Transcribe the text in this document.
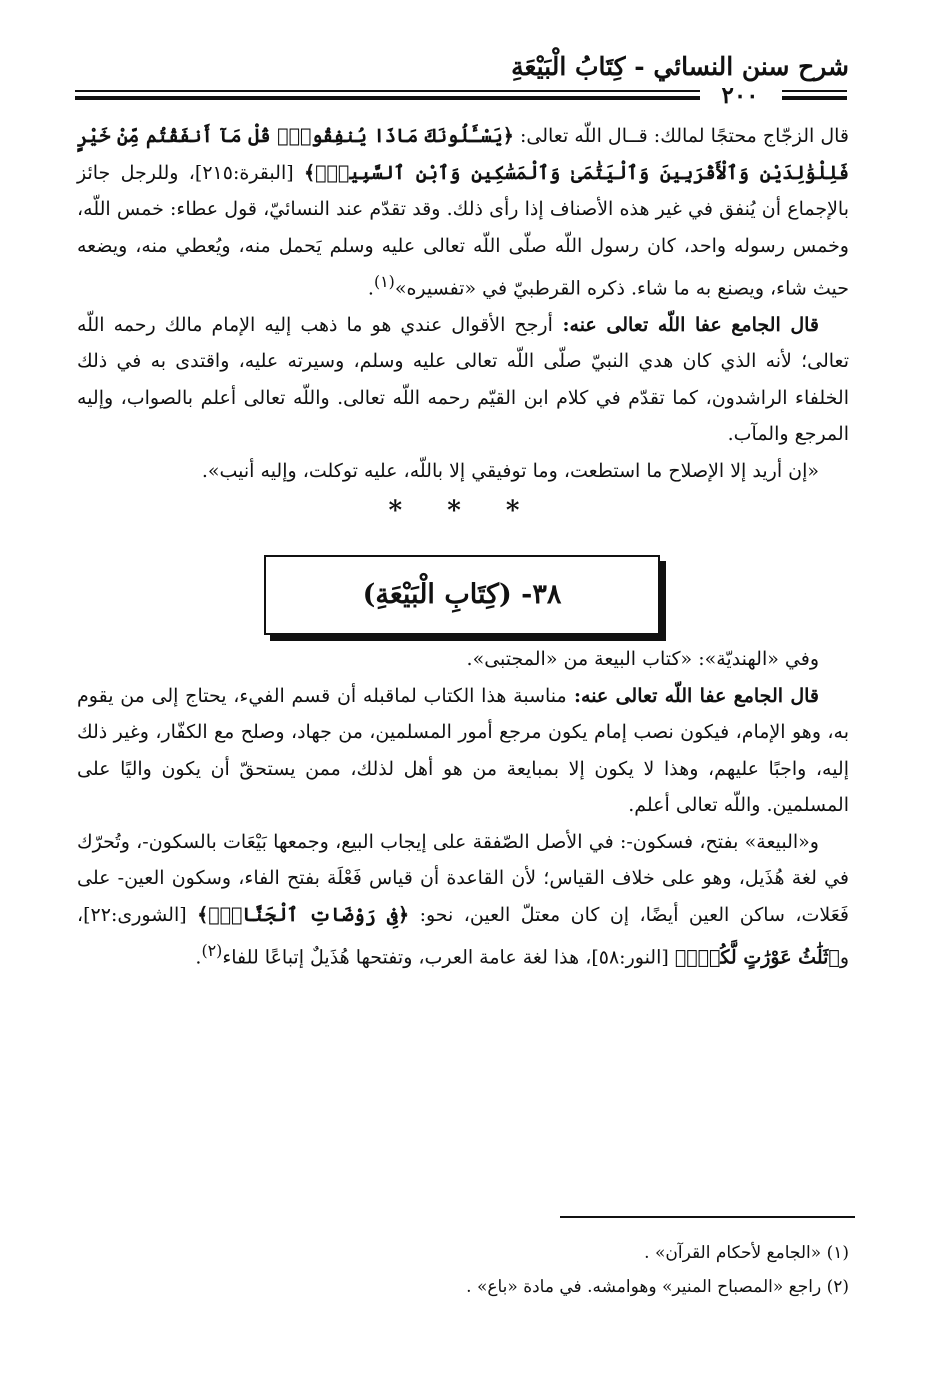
شرح سنن النسائي - كِتَابُ الْبَيْعَةِ
٢٠٠

قال الزجّاج محتجًا لمالك: قــال اللّه تعالى: ﴿يَسْـَٔلُونَكَ مَاذَا يُنفِقُونَۖ قُلْ مَآ أَنفَقْتُم مِّنْ خَيْرٍ فَلِلْوَٰلِدَيْنِ وَٱلْأَقْرَبِينَ وَٱلْيَتَٰمَىٰ وَٱلْمَسَٰكِينِ وَٱبْنِ ٱلسَّبِيلِۗ﴾ [البقرة:٢١٥]، وللرجل جائز بالإجماع أن يُنفق في غير هذه الأصناف إذا رأى ذلك. وقد تقدّم عند النسائيّ، قول عطاء: خمس اللّه، وخمس رسوله واحد، كان رسول اللّه صلّى اللّه تعالى عليه وسلم يَحمل منه، ويُعطي منه، ويضعه حيث شاء، ويصنع به ما شاء. ذكره القرطبيّ في «تفسيره»$^{(١)}$.

قال الجامع عفا اللّه تعالى عنه: أرجح الأقوال عندي هو ما ذهب إليه الإمام مالك رحمه اللّه تعالى؛ لأنه الذي كان هدي النبيّ صلّى اللّه تعالى عليه وسلم، وسيرته عليه، واقتدى به في ذلك الخلفاء الراشدون، كما تقدّم في كلام ابن القيّم رحمه اللّه تعالى. واللّه تعالى أعلم بالصواب، وإليه المرجع والمآب.

«إن أريد إلا الإصلاح ما استطعت، وما توفيقي إلا باللّه، عليه توكلت، وإليه أنيب».

* * *
٣٨- (كِتَابِ الْبَيْعَةِ)

وفي «الهنديّة»: «كتاب البيعة من «المجتبى».

قال الجامع عفا اللّه تعالى عنه: مناسبة هذا الكتاب لماقبله أن قسم الفيء، يحتاج إلى من يقوم به، وهو الإمام، فيكون نصب إمام يكون مرجع أمور المسلمين، من جهاد، وصلح مع الكفّار، وغير ذلك إليه، واجبًا عليهم، وهذا لا يكون إلا بمبايعة من هو أهل لذلك، ممن يستحقّ أن يكون واليًا على المسلمين. واللّه تعالى أعلم.

و«البيعة» بفتح، فسكون-: في الأصل الصّفقة على إيجاب البيع، وجمعها بَيْعَات بالسكون-، وتُحرّك في لغة هُذَيل، وهو على خلاف القياس؛ لأن القاعدة أن قياس فَعْلَة بفتح الفاء، وسكون العين- على فَعَلات، ساكن العين أيضًا، إن كان معتلّ العين، نحو: ﴿فِى رَوْضَاتِ ٱلْجَنَّاتِۖ﴾ [الشورى:٢٢]، و﴿ثَلَٰثُ عَوْرَٰتٍ لَّكُمْۚ﴾ [النور:٥٨]، هذا لغة عامة العرب، وتفتحها هُذَيلٌ إتباعًا للفاء$^{(٢)}$.

(١) «الجامع لأحكام القرآن» .

(٢) راجع «المصباح المنير» وهوامشه. في مادة «باع» .
